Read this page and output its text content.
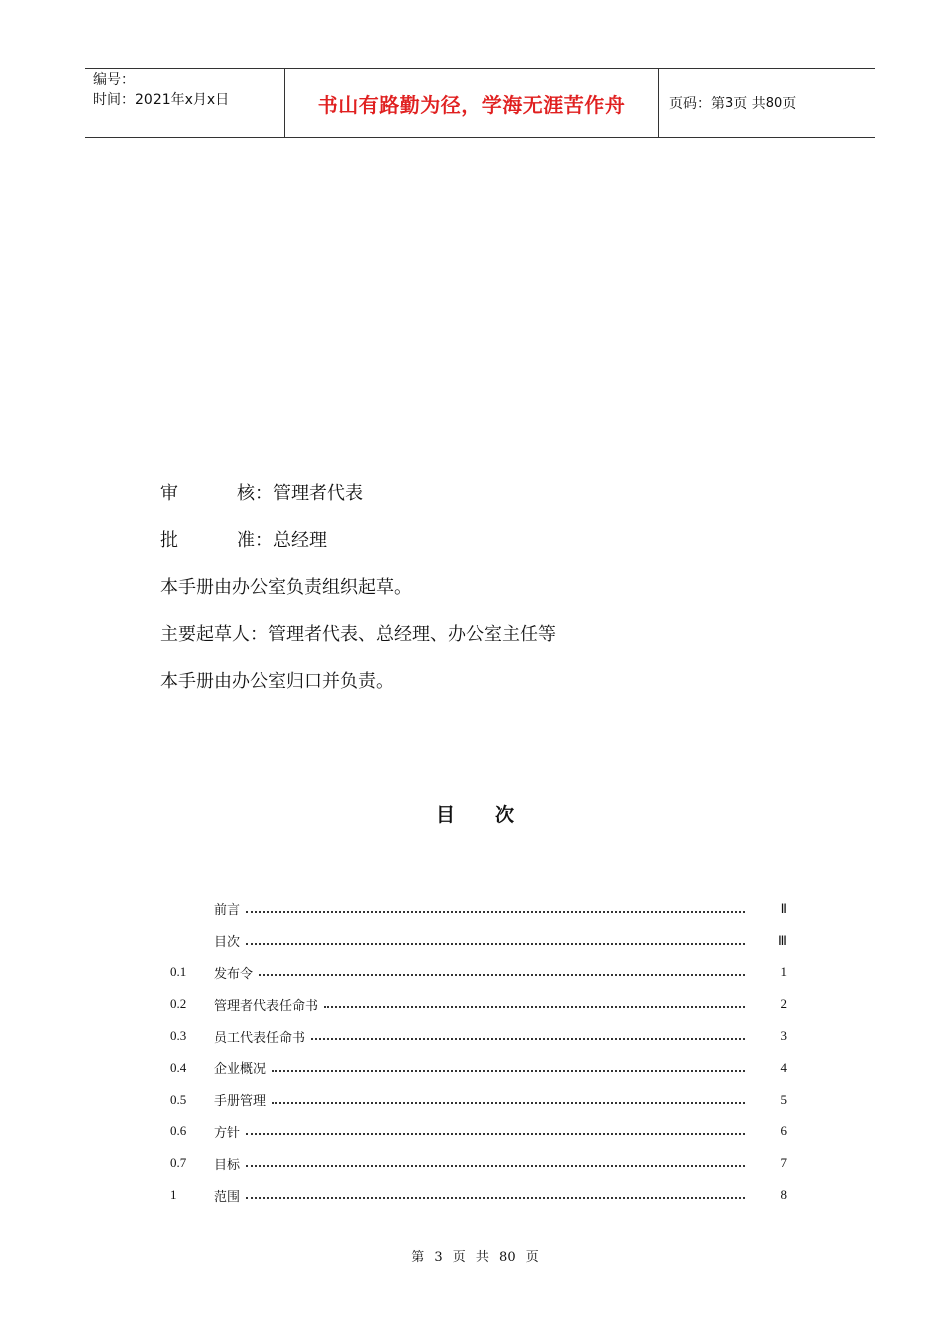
编号：
时间：2021年x月x日	书山有路勤为径，学海无涯苦作舟	页码：第 3 页 共 80 页
审	核：管理者代表
批	准：总经理
本手册由办公室负责组织起草。
主要起草人：管理者代表、总经理、办公室主任等
本手册由办公室归口并负责。
目 次
前言	Ⅱ
目次	Ⅲ
0.1	发布令	1
0.2	管理者代表任命书	2
0.3	员工代表任命书	3
0.4	企业概况	4
0.5	手册管理	5
0.6	方针	6
0.7	目标	7
1	范围	8
第 3 页 共 80 页
